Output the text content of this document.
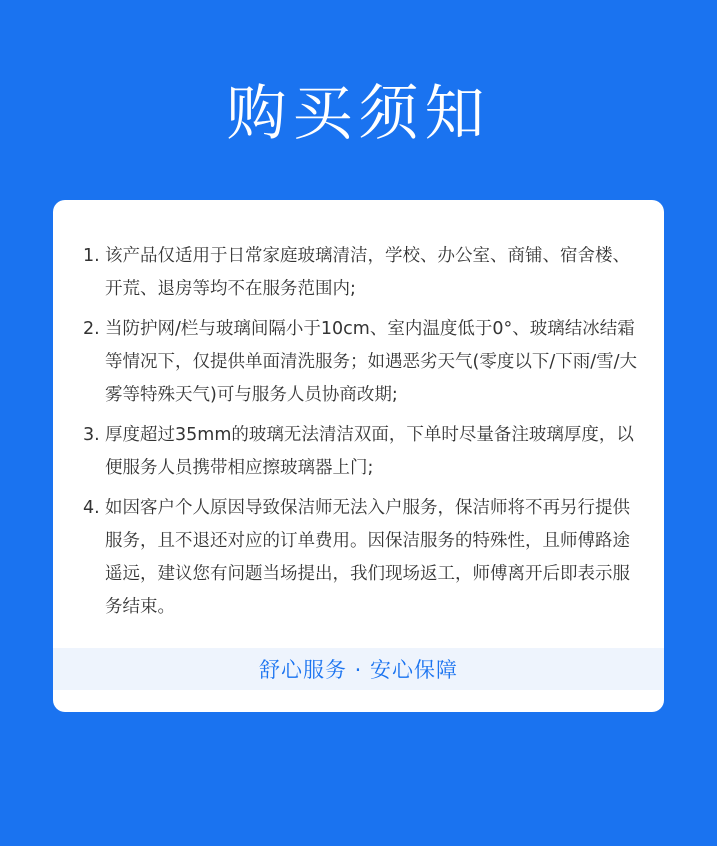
购买须知
1. 该产品仅适用于日常家庭玻璃清洁，学校、办公室、商铺、宿舍楼、开荒、退房等均不在服务范围内;
2. 当防护网/栏与玻璃间隔小于10cm、室内温度低于0°、玻璃结冰结霜等情况下，仅提供单面清洗服务；如遇恶劣天气(零度以下/下雨/雪/大雾等特殊天气)可与服务人员协商改期;
3. 厚度超过35mm的玻璃无法清洁双面，下单时尽量备注玻璃厚度，以便服务人员携带相应擦玻璃器上门;
4. 如因客户个人原因导致保洁师无法入户服务，保洁师将不再另行提供服务，且不退还对应的订单费用。因保洁服务的特殊性，且师傅路途遥远，建议您有问题当场提出，我们现场返工，师傅离开后即表示服务结束。
舒心服务 · 安心保障
